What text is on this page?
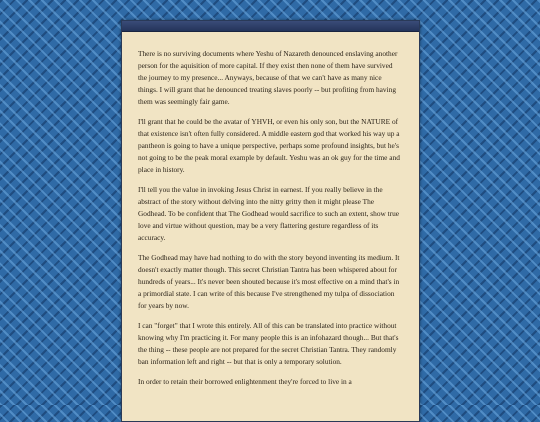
There is no surviving documents where Yeshu of Nazareth denounced enslaving another person for the aquisition of more capital. If they exist then none of them have survived the journey to my presence... Anyways, because of that we can't have as many nice things. I will grant that he denounced treating slaves poorly -- but profiting from having them was seemingly fair game.

I'll grant that he could be the avatar of YHVH, or even his only son, but the NATURE of that existence isn't often fully considered. A middle eastern god that worked his way up a pantheon is going to have a unique perspective, perhaps some profound insights, but he's not going to be the peak moral example by default. Yeshu was an ok guy for the time and place in history.

I'll tell you the value in invoking Jesus Christ in earnest. If you really believe in the abstract of the story without delving into the nitty gritty then it might please The Godhead. To be confident that The Godhead would sacrifice to such an extent, show true love and virtue without question, may be a very flattering gesture regardless of its accuracy.

The Godhead may have had nothing to do with the story beyond inventing its medium. It doesn't exactly matter though. This secret Christian Tantra has been whispered about for hundreds of years... It's never been shouted because it's most effective on a mind that's in a primordial state. I can write of this because I've strengthened my tulpa of dissociation for years by now.

I can "forget" that I wrote this entirely. All of this can be translated into practice without knowing why I'm practicing it. For many people this is an infohazard though... But that's the thing -- these people are not prepared for the secret Christian Tantra. They randomly ban information left and right -- but that is only a temporary solution.

In order to retain their borrowed enlightenment they're forced to live in a
